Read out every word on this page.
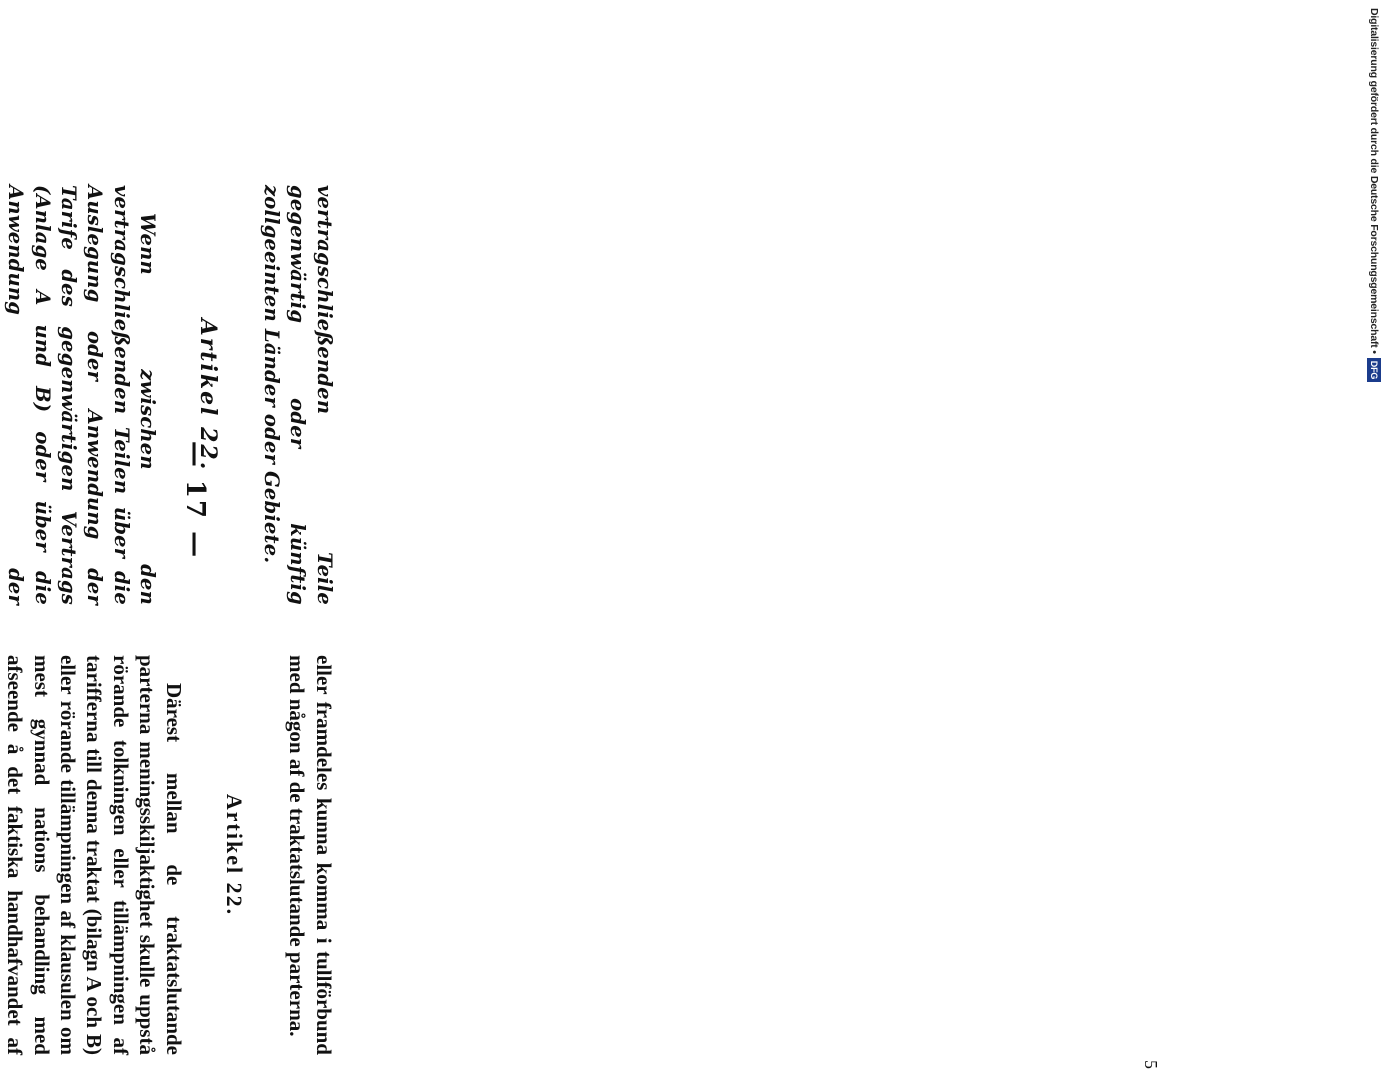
Digitalisierung gefördert durch die Deutsche Forschungsgemeinschaft •
DFG
— 17 —	vertragschließenden Teile gegenwärtig oder künftig zollgeeinten Länder oder Gebiete.

Artikel 22.

Wenn zwischen den vertragschließenden Teilen über die Auslegung oder Anwendung der Tarife des gegenwärtigen Vertrags (Anlage A und B) oder über die Anwendung der

eller framdeles kunna komma i tullförbund med någon af de traktatslutande parterna.

Artikel 22.

Därest mellan de traktatslutande parterna meningsskiljaktighet skulle uppstå rörande tolkningen eller tillämpningen af tarifferna till denna traktat (bilagn A och B) eller rörande tillämpningen af klausulen om mest gynnad nations behandling med afseende å det faktiska handhafvandet af

5
